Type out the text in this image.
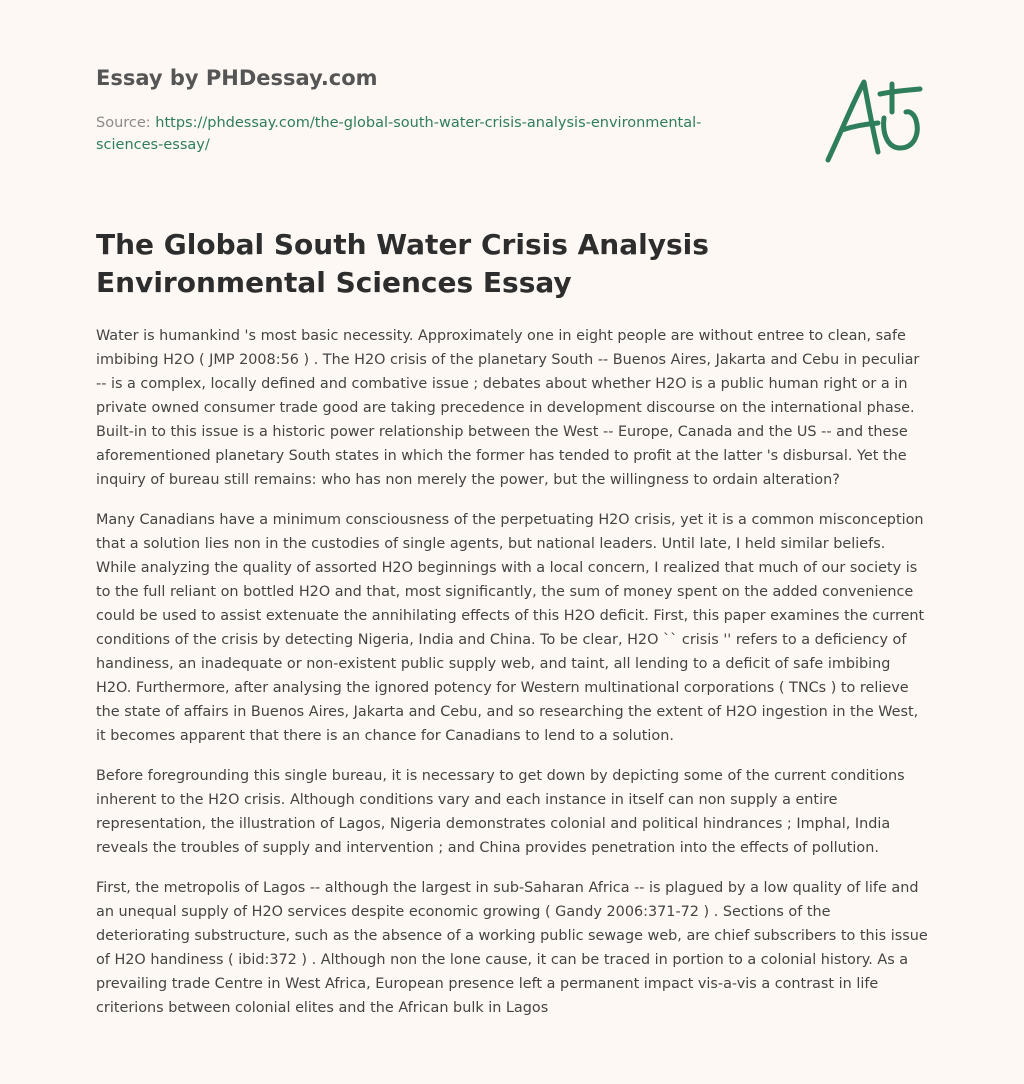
Essay by PHDessay.com

Source: https://phdessay.com/the-global-south-water-crisis-analysis-environmental-sciences-essay/

The Global South Water Crisis Analysis Environmental Sciences Essay

Water is humankind 's most basic necessity. Approximately one in eight people are without entree to clean, safe imbibing H2O ( JMP 2008:56 ) . The H2O crisis of the planetary South -- Buenos Aires, Jakarta and Cebu in peculiar -- is a complex, locally defined and combative issue ; debates about whether H2O is a public human right or a in private owned consumer trade good are taking precedence in development discourse on the international phase. Built-in to this issue is a historic power relationship between the West -- Europe, Canada and the US -- and these aforementioned planetary South states in which the former has tended to profit at the latter 's disbursal. Yet the inquiry of bureau still remains: who has non merely the power, but the willingness to ordain alteration?

Many Canadians have a minimum consciousness of the perpetuating H2O crisis, yet it is a common misconception that a solution lies non in the custodies of single agents, but national leaders. Until late, I held similar beliefs. While analyzing the quality of assorted H2O beginnings with a local concern, I realized that much of our society is to the full reliant on bottled H2O and that, most significantly, the sum of money spent on the added convenience could be used to assist extenuate the annihilating effects of this H2O deficit. First, this paper examines the current conditions of the crisis by detecting Nigeria, India and China. To be clear, H2O `` crisis '' refers to a deficiency of handiness, an inadequate or non-existent public supply web, and taint, all lending to a deficit of safe imbibing H2O. Furthermore, after analysing the ignored potency for Western multinational corporations ( TNCs ) to relieve the state of affairs in Buenos Aires, Jakarta and Cebu, and so researching the extent of H2O ingestion in the West, it becomes apparent that there is an chance for Canadians to lend to a solution.

Before foregrounding this single bureau, it is necessary to get down by depicting some of the current conditions inherent to the H2O crisis. Although conditions vary and each instance in itself can non supply a entire representation, the illustration of Lagos, Nigeria demonstrates colonial and political hindrances ; Imphal, India reveals the troubles of supply and intervention ; and China provides penetration into the effects of pollution.

First, the metropolis of Lagos -- although the largest in sub-Saharan Africa -- is plagued by a low quality of life and an unequal supply of H2O services despite economic growing ( Gandy 2006:371-72 ) . Sections of the deteriorating substructure, such as the absence of a working public sewage web, are chief subscribers to this issue of H2O handiness ( ibid:372 ) . Although non the lone cause, it can be traced in portion to a colonial history. As a prevailing trade Centre in West Africa, European presence left a permanent impact vis-a-vis a contrast in life criterions between colonial elites and the African bulk in Lagos
